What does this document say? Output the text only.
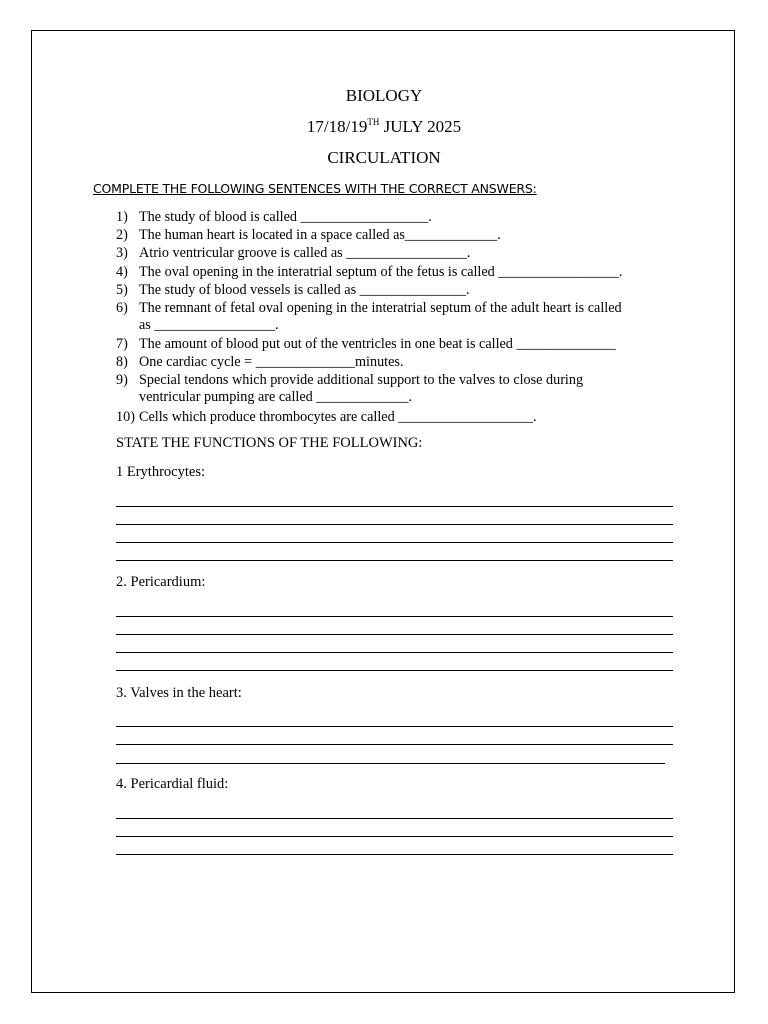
BIOLOGY
17/18/19TH JULY 2025
CIRCULATION
COMPLETE THE FOLLOWING SENTENCES WITH THE CORRECT ANSWERS:
1) The study of blood is called __________________.
2) The human heart is located in a space called as_____________.
3) Atrio ventricular groove is called as _________________.
4) The oval opening in the interatrial septum of the fetus is called _________________.
5) The study of blood vessels is called as _______________.
6) The remnant of fetal oval opening in the interatrial septum of the adult heart is called
as _________________.
7) The amount of blood put out of the ventricles in one beat is called ______________
8) One cardiac cycle = ______________minutes.
9) Special tendons which provide additional support to the valves to close during
ventricular pumping are called _____________.
10) Cells which produce thrombocytes are called ___________________.
STATE THE FUNCTIONS OF THE FOLLOWING:
1 Erythrocytes:
2. Pericardium:
3. Valves in the heart:
4. Pericardial fluid:
